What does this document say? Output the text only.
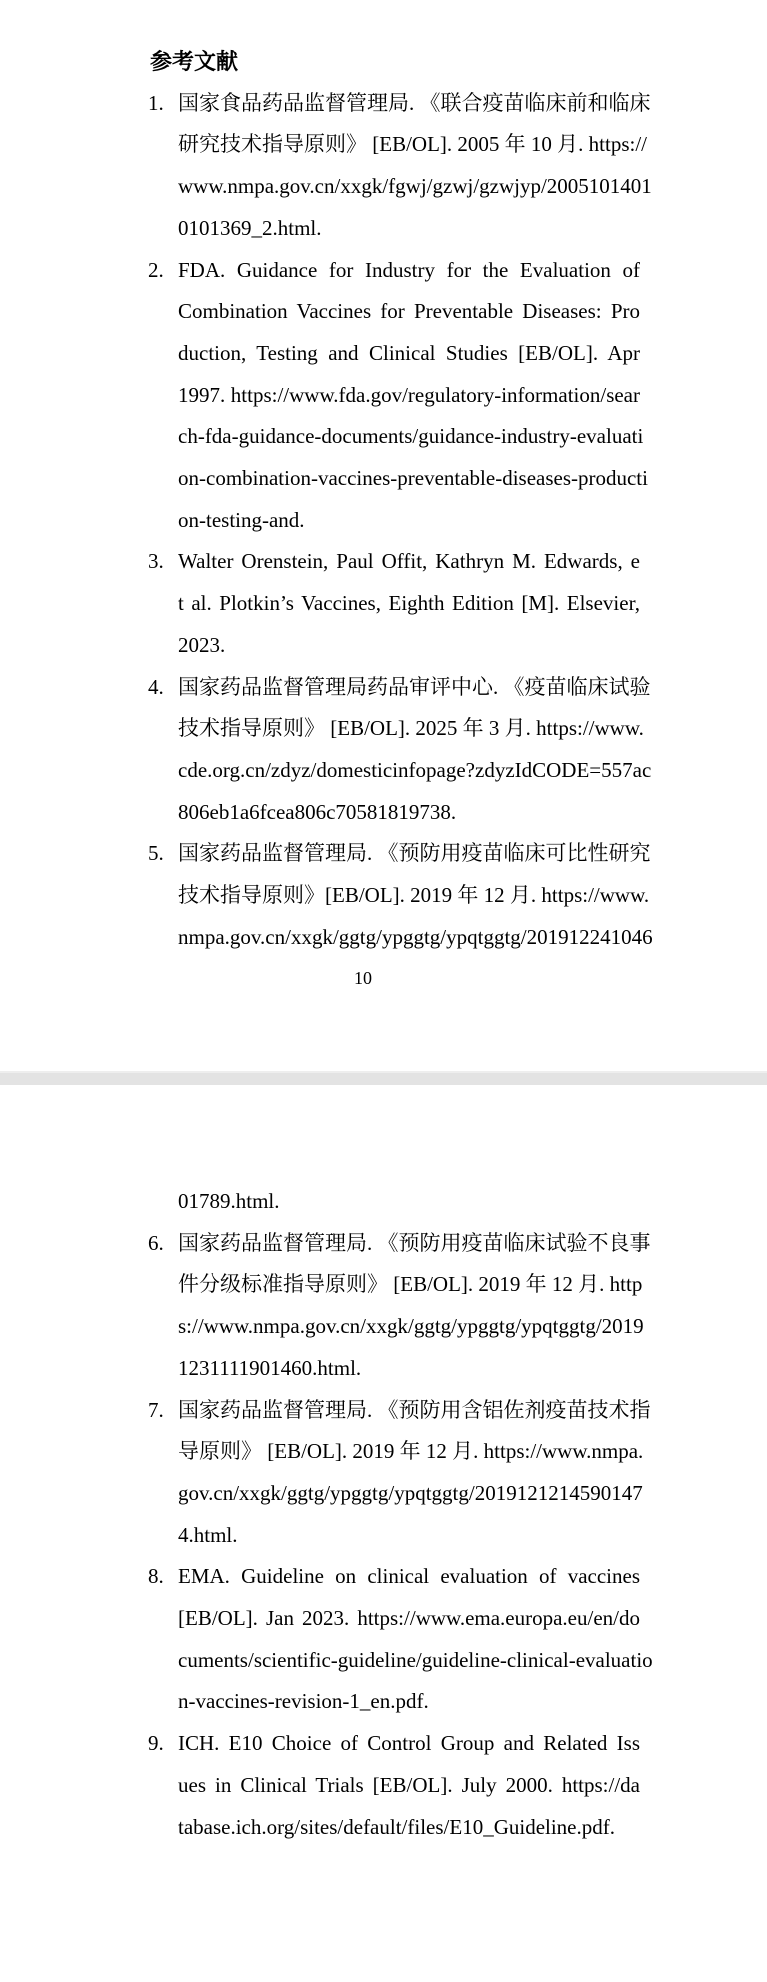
参考文献
1. 国家食品药品监督管理局. 《联合疫苗临床前和临床
研究技术指导原则》 [EB/OL]. 2005 年 10 月. https://
www.nmpa.gov.cn/xxgk/fgwj/gzwj/gzwjyp/2005101401
0101369_2.html.
2. FDA. Guidance for Industry for the Evaluation of
Combination Vaccines for Preventable Diseases: Pro
duction, Testing and Clinical Studies [EB/OL]. Apr
1997. https://www.fda.gov/regulatory-information/sear
ch-fda-guidance-documents/guidance-industry-evaluati
on-combination-vaccines-preventable-diseases-producti
on-testing-and.
3. Walter Orenstein, Paul Offit, Kathryn M. Edwards, e
t al. Plotkin’s Vaccines, Eighth Edition [M]. Elsevier,
2023.
4. 国家药品监督管理局药品审评中心. 《疫苗临床试验
技术指导原则》 [EB/OL]. 2025 年 3 月. https://www.
cde.org.cn/zdyz/domesticinfopage?zdyzIdCODE=557ac
806eb1a6fcea806c70581819738.
5. 国家药品监督管理局. 《预防用疫苗临床可比性研究
技术指导原则》[EB/OL]. 2019 年 12 月. https://www.
nmpa.gov.cn/xxgk/ggtg/ypggtg/ypqtggtg/201912241046
10
01789.html.
6. 国家药品监督管理局. 《预防用疫苗临床试验不良事
件分级标准指导原则》 [EB/OL]. 2019 年 12 月. http
s://www.nmpa.gov.cn/xxgk/ggtg/ypggtg/ypqtggtg/2019
1231111901460.html.
7. 国家药品监督管理局. 《预防用含铝佐剂疫苗技术指
导原则》 [EB/OL]. 2019 年 12 月. https://www.nmpa.
gov.cn/xxgk/ggtg/ypggtg/ypqtggtg/2019121214590147
4.html.
8. EMA. Guideline on clinical evaluation of vaccines
[EB/OL]. Jan 2023. https://www.ema.europa.eu/en/do
cuments/scientific-guideline/guideline-clinical-evaluatio
n-vaccines-revision-1_en.pdf.
9. ICH. E10 Choice of Control Group and Related Iss
ues in Clinical Trials [EB/OL]. July 2000. https://da
tabase.ich.org/sites/default/files/E10_Guideline.pdf.
